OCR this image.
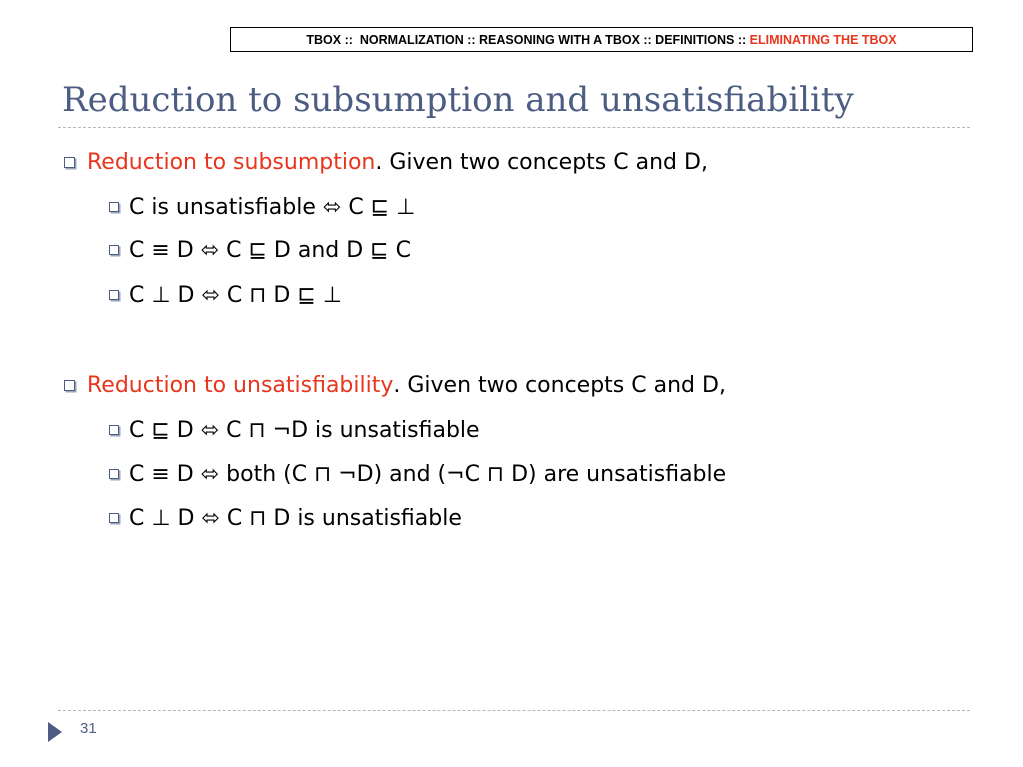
TBOX ::  NORMALIZATION :: REASONING WITH A TBOX :: DEFINITIONS :: ELIMINATING THE TBOX
Reduction to subsumption and unsatisfiability
Reduction to subsumption . Given two concepts C and D,
C is unsatisfiable ⬄ C ⊑ ⊥
C ≡ D ⬄ C ⊑ D and D ⊑ C
C ⊥ D ⬄ C ⊓ D ⊑ ⊥
Reduction to unsatisfiability . Given two concepts C and D,
C ⊑ D ⬄ C ⊓ ¬D is unsatisfiable
C ≡ D ⬄ both (C ⊓ ¬D) and (¬C ⊓ D) are unsatisfiable
C ⊥ D ⬄ C ⊓ D is unsatisfiable
31
